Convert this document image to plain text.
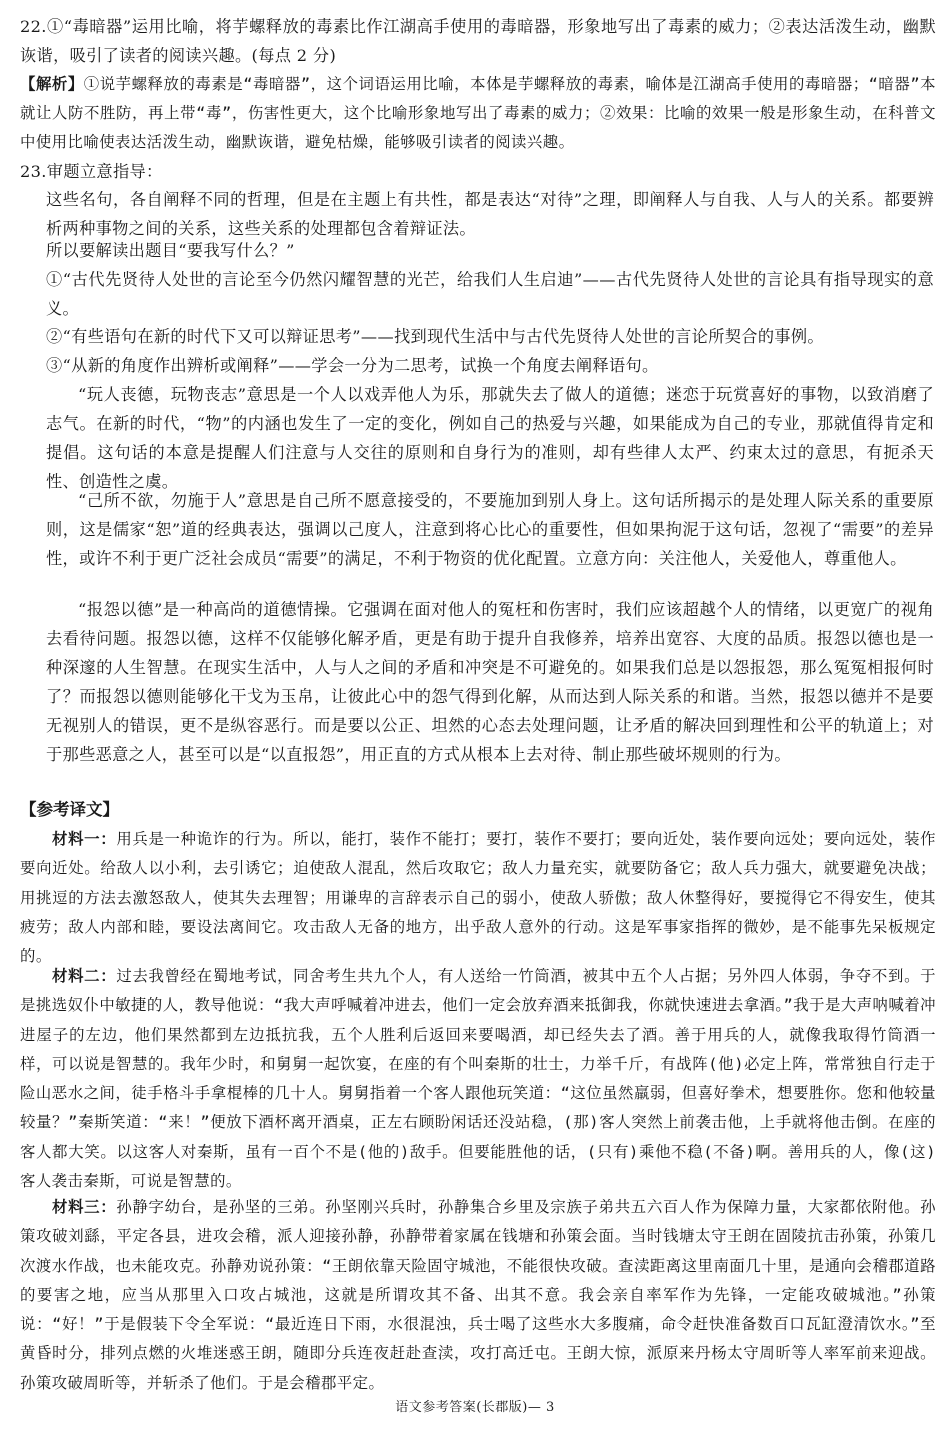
22.①“毒暗器”运用比喻，将芋螺释放的毒素比作江湖高手使用的毒暗器，形象地写出了毒素的威力；②表达活泼生动，幽默诙谐，吸引了读者的阅读兴趣。(每点 2 分)

【解析】①说芋螺释放的毒素是“毒暗器”，这个词语运用比喻，本体是芋螺释放的毒素，喻体是江湖高手使用的毒暗器；“暗器”本就让人防不胜防，再上带“毒”，伤害性更大，这个比喻形象地写出了毒素的威力；②效果：比喻的效果一般是形象生动，在科普文中使用比喻使表达活泼生动，幽默诙谐，避免枯燥，能够吸引读者的阅读兴趣。

23.审题立意指导：

这些名句，各自阐释不同的哲理，但是在主题上有共性，都是表达“对待”之理，即阐释人与自我、人与人的关系。都要辨析两种事物之间的关系，这些关系的处理都包含着辩证法。

所以要解读出题目“要我写什么？”

①“古代先贤待人处世的言论至今仍然闪耀智慧的光芒，给我们人生启迪”——古代先贤待人处世的言论具有指导现实的意义。

②“有些语句在新的时代下又可以辩证思考”——找到现代生活中与古代先贤待人处世的言论所契合的事例。

③“从新的角度作出辨析或阐释”——学会一分为二思考，试换一个角度去阐释语句。

“玩人丧德，玩物丧志”意思是一个人以戏弄他人为乐，那就失去了做人的道德；迷恋于玩赏喜好的事物，以致消磨了志气。在新的时代，“物”的内涵也发生了一定的变化，例如自己的热爱与兴趣，如果能成为自己的专业，那就值得肯定和提倡。这句话的本意是提醒人们注意与人交往的原则和自身行为的准则，却有些律人太严、约束太过的意思，有扼杀天性、创造性之虞。

“己所不欲，勿施于人”意思是自己所不愿意接受的，不要施加到别人身上。这句话所揭示的是处理人际关系的重要原则，这是儒家“恕”道的经典表达，强调以己度人，注意到将心比心的重要性，但如果拘泥于这句话，忽视了“需要”的差异性，或许不利于更广泛社会成员“需要”的满足，不利于物资的优化配置。立意方向：关注他人，关爱他人，尊重他人。

“报怨以德”是一种高尚的道德情操。它强调在面对他人的冤枉和伤害时，我们应该超越个人的情绪，以更宽广的视角去看待问题。报怨以德，这样不仅能够化解矛盾，更是有助于提升自我修养，培养出宽容、大度的品质。报怨以德也是一种深邃的人生智慧。在现实生活中，人与人之间的矛盾和冲突是不可避免的。如果我们总是以怨报怨，那么冤冤相报何时了？而报怨以德则能够化干戈为玉帛，让彼此心中的怨气得到化解，从而达到人际关系的和谐。当然，报怨以德并不是要无视别人的错误，更不是纵容恶行。而是要以公正、坦然的心态去处理问题，让矛盾的解决回到理性和公平的轨道上；对于那些恶意之人，甚至可以是“以直报怨”，用正直的方式从根本上去对待、制止那些破坏规则的行为。

【参考译文】

材料一：用兵是一种诡诈的行为。所以，能打，装作不能打；要打，装作不要打；要向近处，装作要向远处；要向远处，装作要向近处。给敌人以小利，去引诱它；迫使敌人混乱，然后攻取它；敌人力量充实，就要防备它；敌人兵力强大，就要避免决战；用挑逗的方法去激怒敌人，使其失去理智；用谦卑的言辞表示自己的弱小，使敌人骄傲；敌人休整得好，要搅得它不得安生，使其疲劳；敌人内部和睦，要设法离间它。攻击敌人无备的地方，出乎敌人意外的行动。这是军事家指挥的微妙，是不能事先呆板规定的。

材料二：过去我曾经在蜀地考试，同舍考生共九个人，有人送给一竹筒酒，被其中五个人占据；另外四人体弱，争夺不到。于是挑选奴仆中敏捷的人，教导他说：“我大声呼喊着冲进去，他们一定会放弃酒来抵御我，你就快速进去拿酒。”我于是大声呐喊着冲进屋子的左边，他们果然都到左边抵抗我，五个人胜利后返回来要喝酒，却已经失去了酒。善于用兵的人，就像我取得竹筒酒一样，可以说是智慧的。我年少时，和舅舅一起饮宴，在座的有个叫秦斯的壮士，力举千斤，有战阵(他)必定上阵，常常独自行走于险山恶水之间，徒手格斗手拿棍棒的几十人。舅舅指着一个客人跟他玩笑道：“这位虽然羸弱，但喜好拳术，想要胜你。您和他较量较量？”秦斯笑道：“来！”便放下酒杯离开酒桌，正左右顾盼闲话还没站稳，(那)客人突然上前袭击他，上手就将他击倒。在座的客人都大笑。以这客人对秦斯，虽有一百个不是(他的)敌手。但要能胜他的话，(只有)乘他不稳(不备)啊。善用兵的人，像(这)客人袭击秦斯，可说是智慧的。

材料三：孙静字幼台，是孙坚的三弟。孙坚刚兴兵时，孙静集合乡里及宗族子弟共五六百人作为保障力量，大家都依附他。孙策攻破刘繇，平定各县，进攻会稽，派人迎接孙静，孙静带着家属在钱塘和孙策会面。当时钱塘太守王朗在固陵抗击孙策，孙策几次渡水作战，也未能攻克。孙静劝说孙策：“王朗依靠天险固守城池，不能很快攻破。查渎距离这里南面几十里，是通向会稽郡道路的要害之地，应当从那里入口攻占城池，这就是所谓攻其不备、出其不意。我会亲自率军作为先锋，一定能攻破城池。”孙策说：“好！”于是假装下令全军说：“最近连日下雨，水很混浊，兵士喝了这些水大多腹痛，命令赶快准备数百口瓦缸澄清饮水。”至黄昏时分，排列点燃的火堆迷惑王朗，随即分兵连夜赶赴查渎，攻打高迁屯。王朗大惊，派原来丹杨太守周昕等人率军前来迎战。孙策攻破周昕等，并斩杀了他们。于是会稽郡平定。

语文参考答案(长郡版)— 3
